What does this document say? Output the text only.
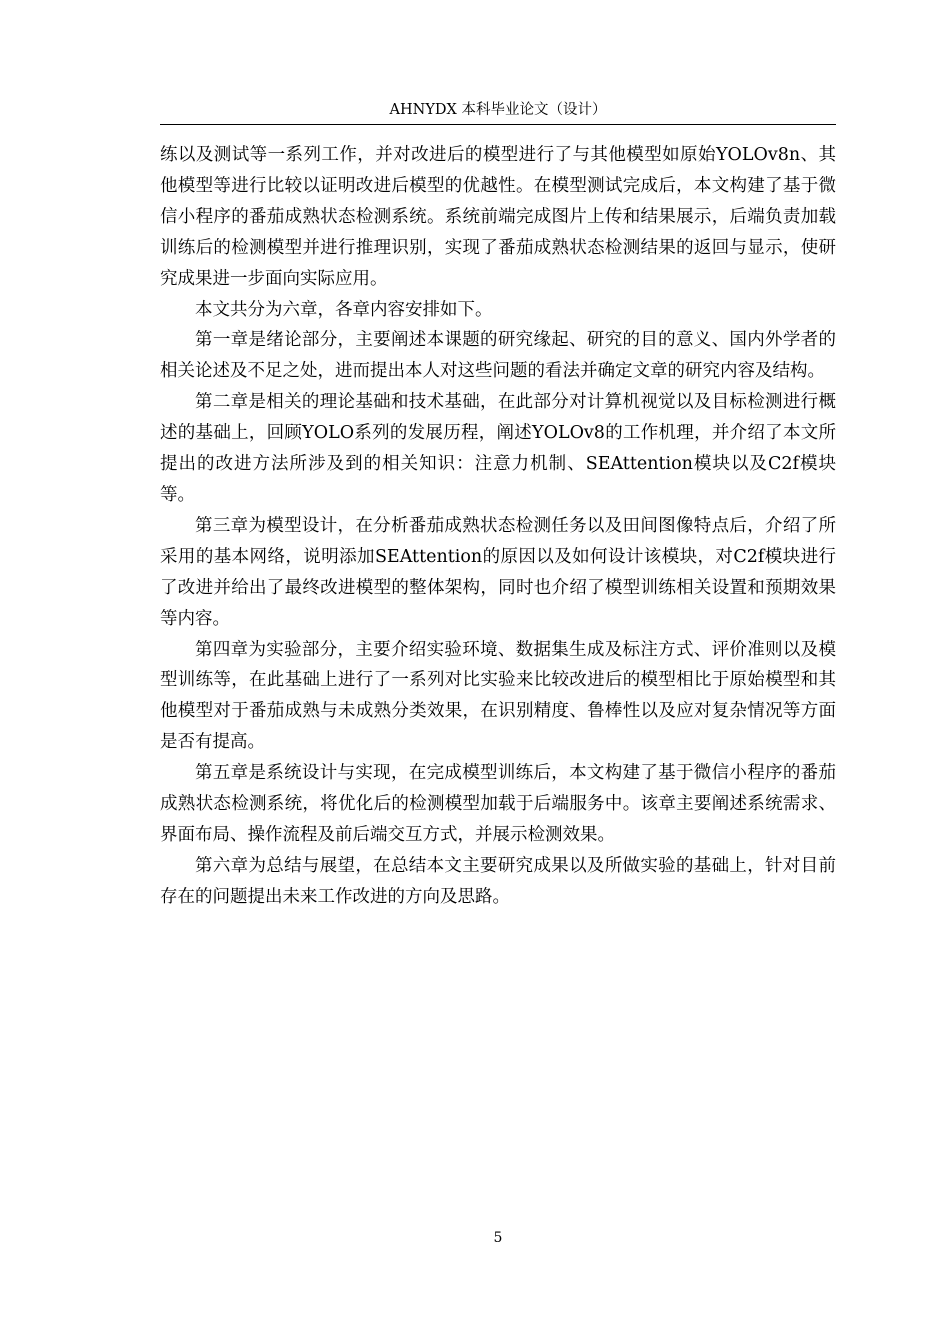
AHNYDX 本科毕业论文（设计）

练以及测试等一系列工作，并对改进后的模型进行了与其他模型如原始YOLOv8n、其他模型等进行比较以证明改进后模型的优越性。在模型测试完成后，本文构建了基于微信小程序的番茄成熟状态检测系统。系统前端完成图片上传和结果展示，后端负责加载训练后的检测模型并进行推理识别，实现了番茄成熟状态检测结果的返回与显示，使研究成果进一步面向实际应用。

本文共分为六章，各章内容安排如下。

第一章是绪论部分，主要阐述本课题的研究缘起、研究的目的意义、国内外学者的相关论述及不足之处，进而提出本人对这些问题的看法并确定文章的研究内容及结构。

第二章是相关的理论基础和技术基础，在此部分对计算机视觉以及目标检测进行概述的基础上，回顾YOLO系列的发展历程，阐述YOLOv8的工作机理，并介绍了本文所提出的改进方法所涉及到的相关知识：注意力机制、SEAttention模块以及C2f模块等。

第三章为模型设计，在分析番茄成熟状态检测任务以及田间图像特点后，介绍了所采用的基本网络，说明添加SEAttention的原因以及如何设计该模块，对C2f模块进行了改进并给出了最终改进模型的整体架构，同时也介绍了模型训练相关设置和预期效果等内容。

第四章为实验部分，主要介绍实验环境、数据集生成及标注方式、评价准则以及模型训练等，在此基础上进行了一系列对比实验来比较改进后的模型相比于原始模型和其他模型对于番茄成熟与未成熟分类效果，在识别精度、鲁棒性以及应对复杂情况等方面是否有提高。

第五章是系统设计与实现，在完成模型训练后，本文构建了基于微信小程序的番茄成熟状态检测系统，将优化后的检测模型加载于后端服务中。该章主要阐述系统需求、界面布局、操作流程及前后端交互方式，并展示检测效果。

第六章为总结与展望，在总结本文主要研究成果以及所做实验的基础上，针对目前存在的问题提出未来工作改进的方向及思路。

5
